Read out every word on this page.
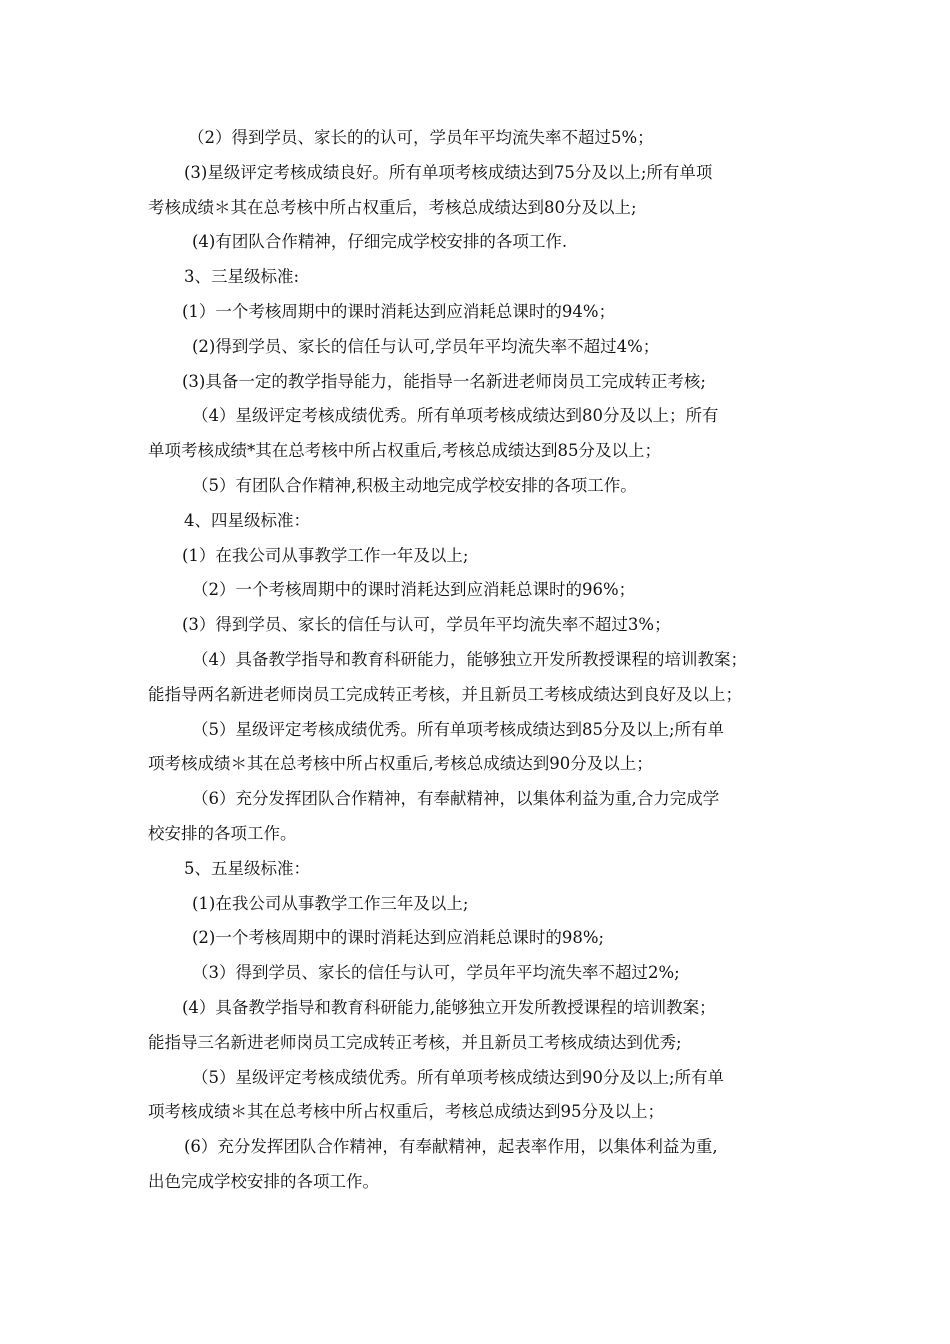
（2）得到学员、家长的的认可，学员年平均流失率不超过5%；
(3)星级评定考核成绩良好。所有单项考核成绩达到75分及以上;所有单项
考核成绩＊其在总考核中所占权重后，考核总成绩达到80分及以上;
(4)有团队合作精神，仔细完成学校安排的各项工作.
3、三星级标准:
(1）一个考核周期中的课时消耗达到应消耗总课时的94%；
(2)得到学员、家长的信任与认可,学员年平均流失率不超过4%；
(3)具备一定的教学指导能力，能指导一名新进老师岗员工完成转正考核;
（4）星级评定考核成绩优秀。所有单项考核成绩达到80分及以上；所有
单项考核成绩*其在总考核中所占权重后,考核总成绩达到85分及以上；
（5）有团队合作精神,积极主动地完成学校安排的各项工作。
4、四星级标准：
(1）在我公司从事教学工作一年及以上;
（2）一个考核周期中的课时消耗达到应消耗总课时的96%；
(3）得到学员、家长的信任与认可，学员年平均流失率不超过3%；
（4）具备教学指导和教育科研能力，能够独立开发所教授课程的培训教案；
能指导两名新进老师岗员工完成转正考核，并且新员工考核成绩达到良好及以上；
（5）星级评定考核成绩优秀。所有单项考核成绩达到85分及以上;所有单
项考核成绩＊其在总考核中所占权重后,考核总成绩达到90分及以上；
（6）充分发挥团队合作精神，有奉献精神，以集体利益为重,合力完成学
校安排的各项工作。
5、五星级标准：
(1)在我公司从事教学工作三年及以上;
(2)一个考核周期中的课时消耗达到应消耗总课时的98%;
（3）得到学员、家长的信任与认可，学员年平均流失率不超过2%;
(4）具备教学指导和教育科研能力,能够独立开发所教授课程的培训教案；
能指导三名新进老师岗员工完成转正考核，并且新员工考核成绩达到优秀;
（5）星级评定考核成绩优秀。所有单项考核成绩达到90分及以上;所有单
项考核成绩＊其在总考核中所占权重后，考核总成绩达到95分及以上；
(6）充分发挥团队合作精神，有奉献精神，起表率作用，以集体利益为重,
出色完成学校安排的各项工作。
